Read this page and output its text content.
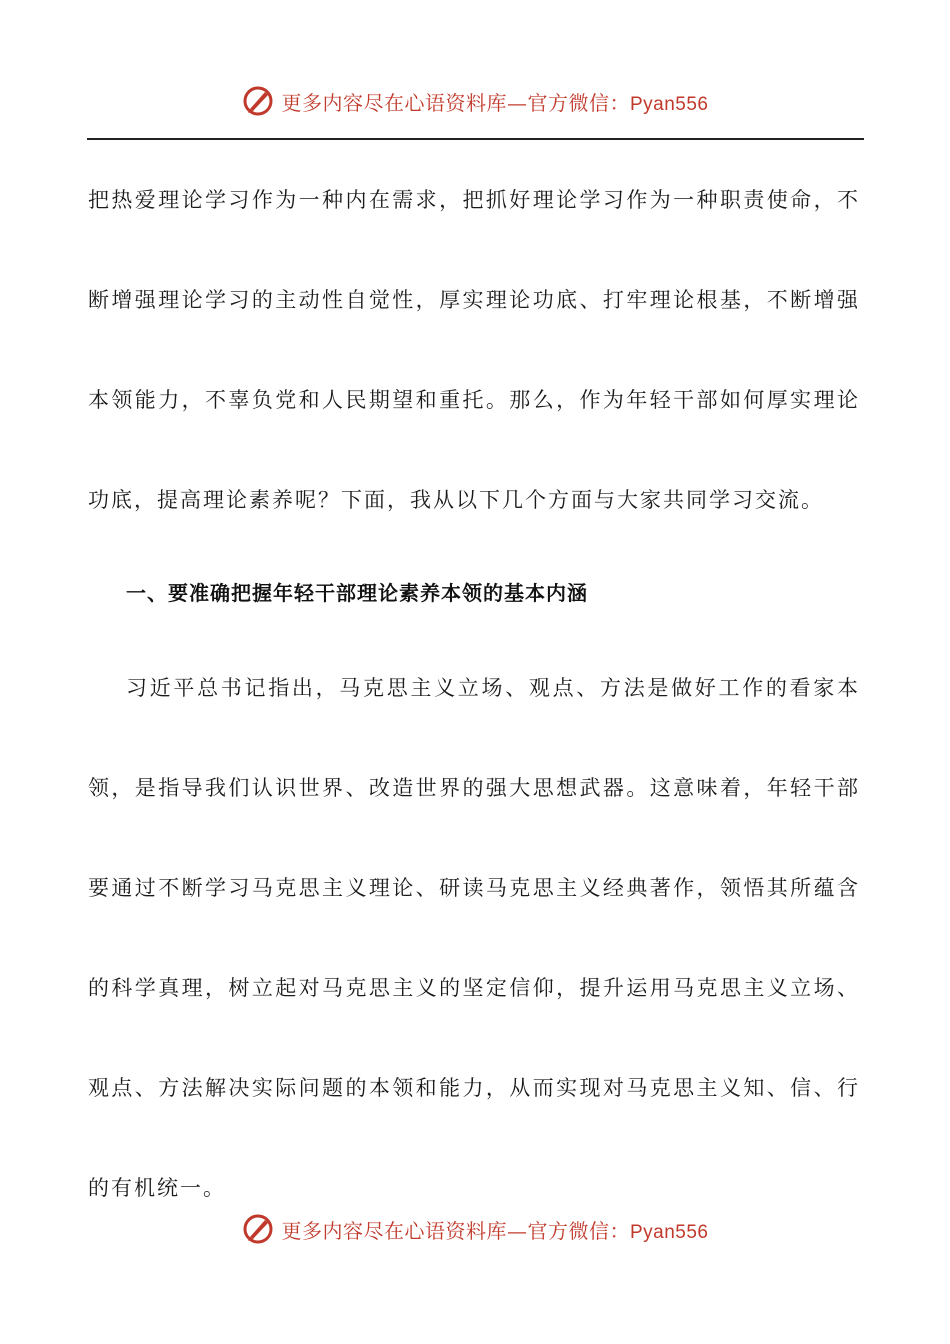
更多内容尽在心语资料库—官方微信：Pyan556

把热爱理论学习作为一种内在需求，把抓好理论学习作为一种职责使命，不断增强理论学习的主动性自觉性，厚实理论功底、打牢理论根基，不断增强本领能力，不辜负党和人民期望和重托。那么，作为年轻干部如何厚实理论功底，提高理论素养呢？下面，我从以下几个方面与大家共同学习交流。

一、要准确把握年轻干部理论素养本领的基本内涵

习近平总书记指出，马克思主义立场、观点、方法是做好工作的看家本领，是指导我们认识世界、改造世界的强大思想武器。这意味着，年轻干部要通过不断学习马克思主义理论、研读马克思主义经典著作，领悟其所蕴含的科学真理，树立起对马克思主义的坚定信仰，提升运用马克思主义立场、观点、方法解决实际问题的本领和能力，从而实现对马克思主义知、信、行的有机统一。

更多内容尽在心语资料库—官方微信：Pyan556
